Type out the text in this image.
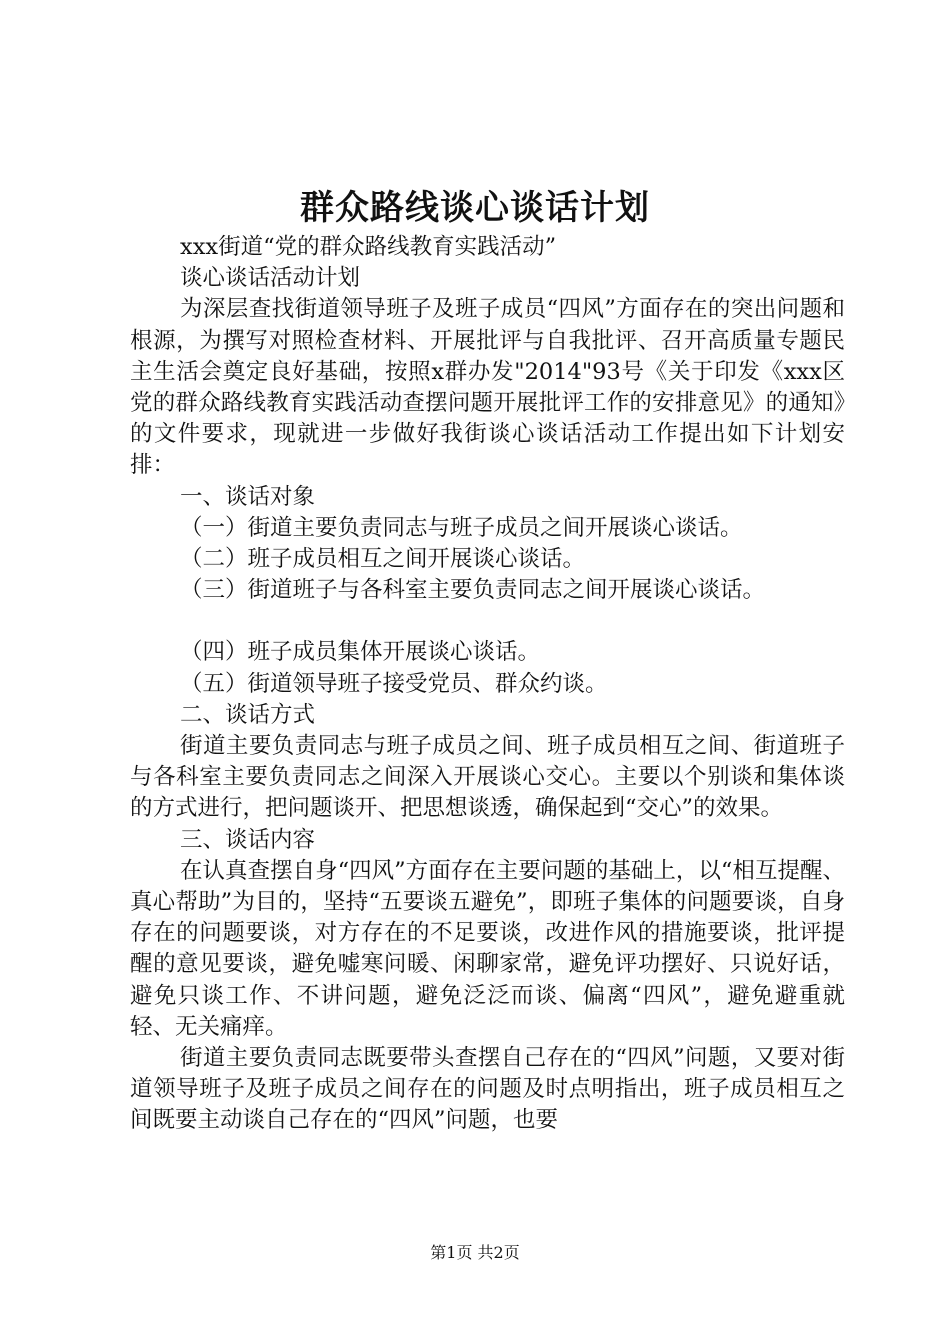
群众路线谈心谈话计划

xxx街道“党的群众路线教育实践活动”

谈心谈话活动计划

为深层查找街道领导班子及班子成员“四风”方面存在的突出问题和根源，为撰写对照检查材料、开展批评与自我批评、召开高质量专题民主生活会奠定良好基础，按照x群办发"2014"93号《关于印发《xxx区党的群众路线教育实践活动查摆问题开展批评工作的安排意见》的通知》的文件要求，现就进一步做好我街谈心谈话活动工作提出如下计划安排：

一、谈话对象

（一）街道主要负责同志与班子成员之间开展谈心谈话。

（二）班子成员相互之间开展谈心谈话。

（三）街道班子与各科室主要负责同志之间开展谈心谈话。

（四）班子成员集体开展谈心谈话。

（五）街道领导班子接受党员、群众约谈。

二、谈话方式

街道主要负责同志与班子成员之间、班子成员相互之间、街道班子与各科室主要负责同志之间深入开展谈心交心。主要以个别谈和集体谈的方式进行，把问题谈开、把思想谈透，确保起到“交心”的效果。

三、谈话内容

在认真查摆自身“四风”方面存在主要问题的基础上，以“相互提醒、真心帮助”为目的，坚持“五要谈五避免”，即班子集体的问题要谈，自身存在的问题要谈，对方存在的不足要谈，改进作风的措施要谈，批评提醒的意见要谈，避免嘘寒问暖、闲聊家常，避免评功摆好、只说好话，避免只谈工作、不讲问题，避免泛泛而谈、偏离“四风”，避免避重就轻、无关痛痒。

街道主要负责同志既要带头查摆自己存在的“四风”问题，又要对街道领导班子及班子成员之间存在的问题及时点明指出，班子成员相互之间既要主动谈自己存在的“四风”问题，也要

第1页 共2页
